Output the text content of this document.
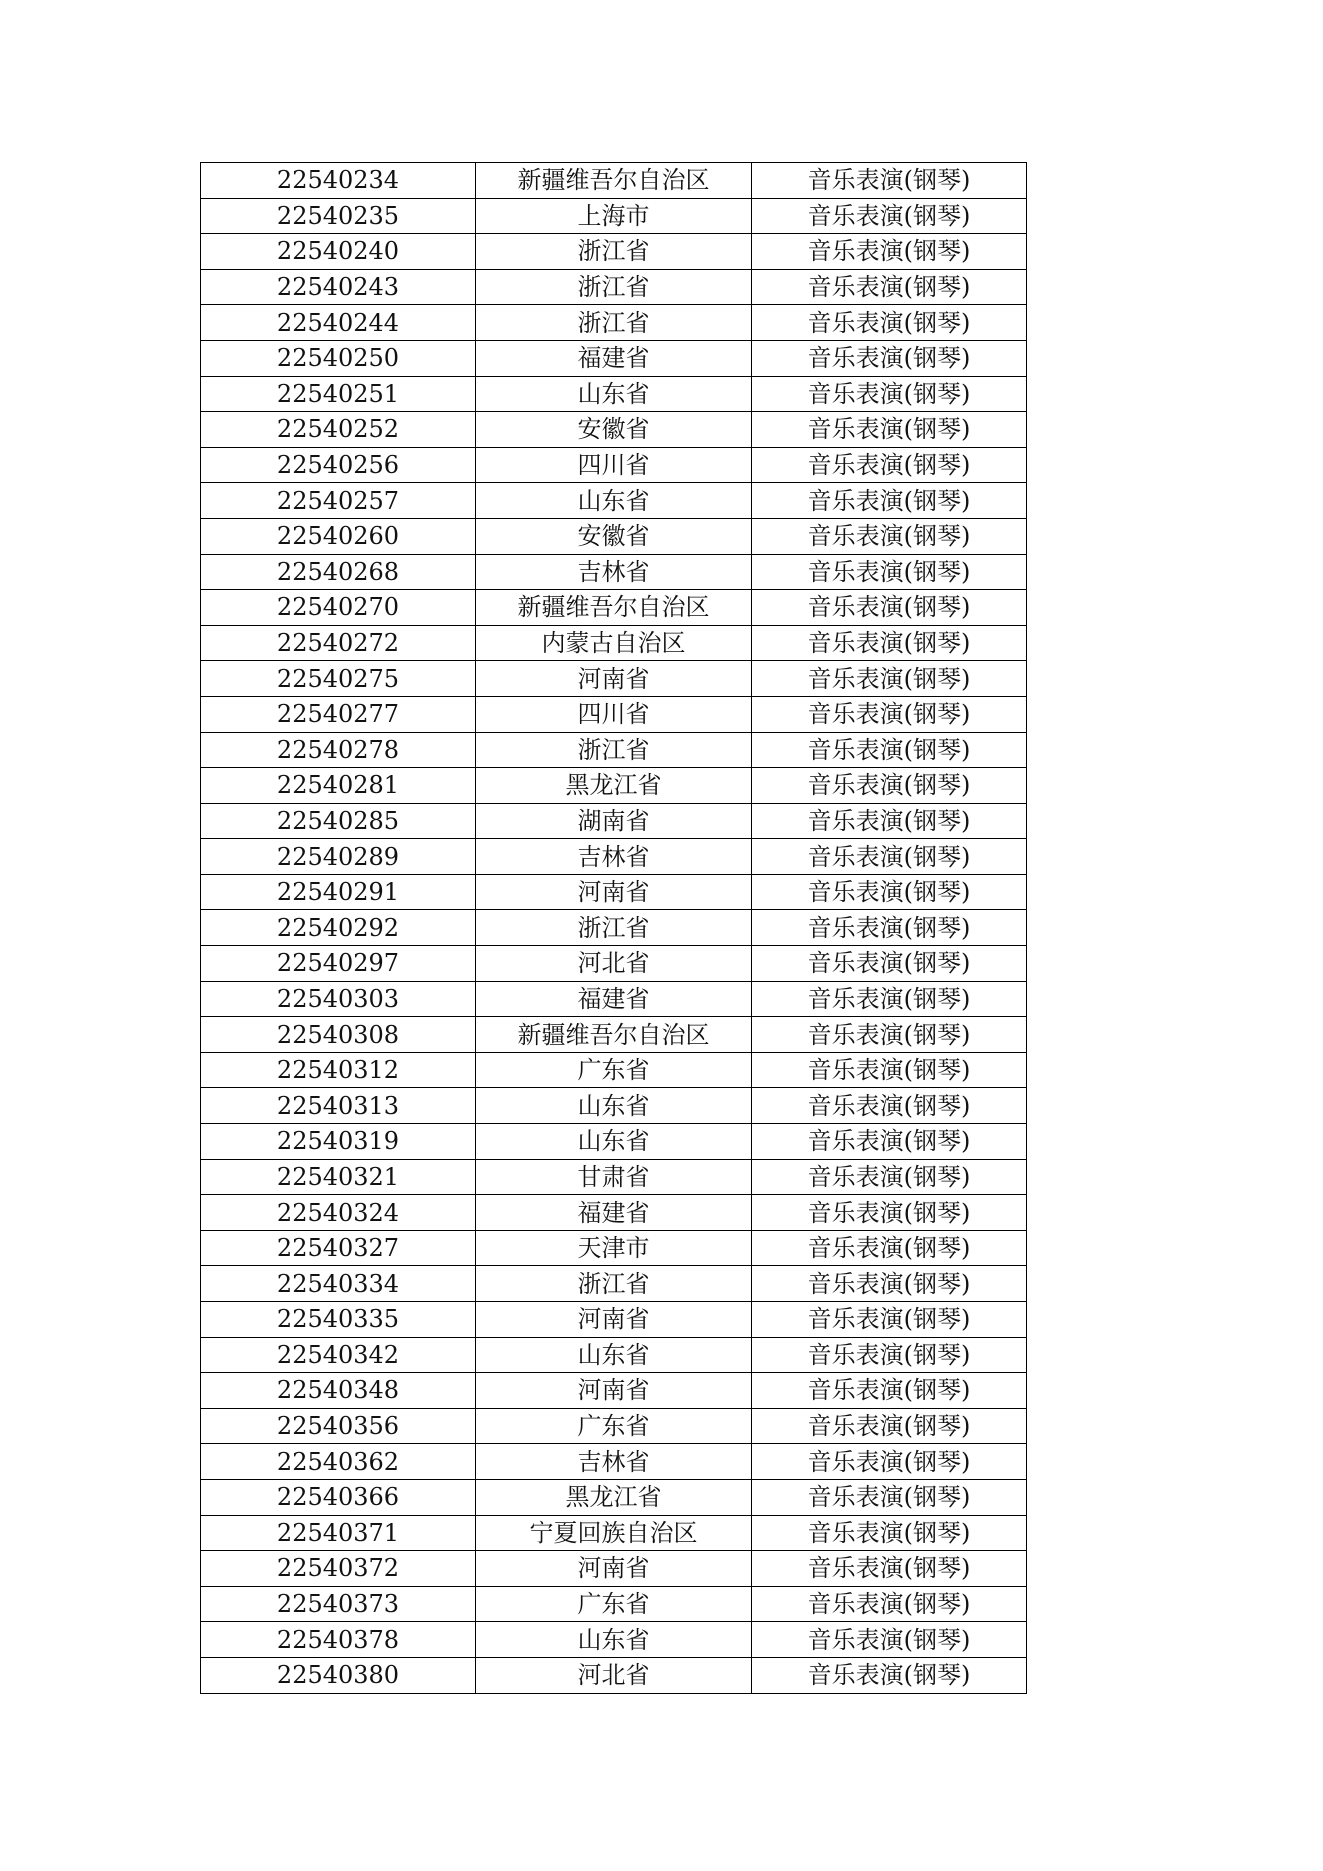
22540234	新疆维吾尔自治区	音乐表演(钢琴)
22540235	上海市	音乐表演(钢琴)
22540240	浙江省	音乐表演(钢琴)
22540243	浙江省	音乐表演(钢琴)
22540244	浙江省	音乐表演(钢琴)
22540250	福建省	音乐表演(钢琴)
22540251	山东省	音乐表演(钢琴)
22540252	安徽省	音乐表演(钢琴)
22540256	四川省	音乐表演(钢琴)
22540257	山东省	音乐表演(钢琴)
22540260	安徽省	音乐表演(钢琴)
22540268	吉林省	音乐表演(钢琴)
22540270	新疆维吾尔自治区	音乐表演(钢琴)
22540272	内蒙古自治区	音乐表演(钢琴)
22540275	河南省	音乐表演(钢琴)
22540277	四川省	音乐表演(钢琴)
22540278	浙江省	音乐表演(钢琴)
22540281	黑龙江省	音乐表演(钢琴)
22540285	湖南省	音乐表演(钢琴)
22540289	吉林省	音乐表演(钢琴)
22540291	河南省	音乐表演(钢琴)
22540292	浙江省	音乐表演(钢琴)
22540297	河北省	音乐表演(钢琴)
22540303	福建省	音乐表演(钢琴)
22540308	新疆维吾尔自治区	音乐表演(钢琴)
22540312	广东省	音乐表演(钢琴)
22540313	山东省	音乐表演(钢琴)
22540319	山东省	音乐表演(钢琴)
22540321	甘肃省	音乐表演(钢琴)
22540324	福建省	音乐表演(钢琴)
22540327	天津市	音乐表演(钢琴)
22540334	浙江省	音乐表演(钢琴)
22540335	河南省	音乐表演(钢琴)
22540342	山东省	音乐表演(钢琴)
22540348	河南省	音乐表演(钢琴)
22540356	广东省	音乐表演(钢琴)
22540362	吉林省	音乐表演(钢琴)
22540366	黑龙江省	音乐表演(钢琴)
22540371	宁夏回族自治区	音乐表演(钢琴)
22540372	河南省	音乐表演(钢琴)
22540373	广东省	音乐表演(钢琴)
22540378	山东省	音乐表演(钢琴)
22540380	河北省	音乐表演(钢琴)
